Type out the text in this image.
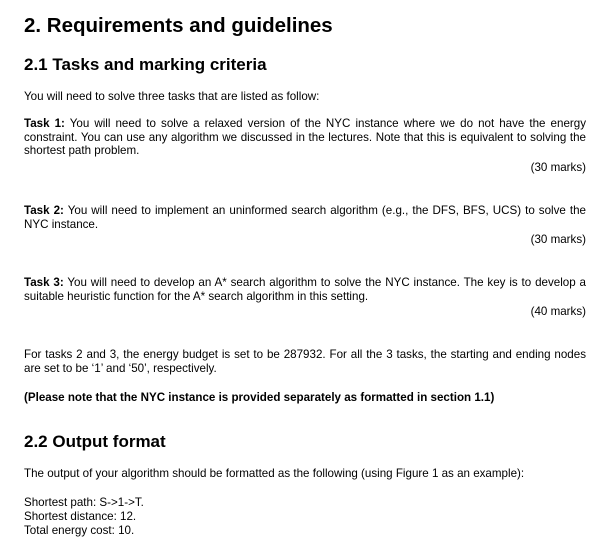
2. Requirements and guidelines
2.1 Tasks and marking criteria
You will need to solve three tasks that are listed as follow:
Task 1: You will need to solve a relaxed version of the NYC instance where we do not have the energy constraint. You can use any algorithm we discussed in the lectures. Note that this is equivalent to solving the shortest path problem.
(30 marks)
Task 2: You will need to implement an uninformed search algorithm (e.g., the DFS, BFS, UCS) to solve the NYC instance.
(30 marks)
Task 3: You will need to develop an A* search algorithm to solve the NYC instance. The key is to develop a suitable heuristic function for the A* search algorithm in this setting.
(40 marks)
For tasks 2 and 3, the energy budget is set to be 287932. For all the 3 tasks, the starting and ending nodes are set to be ‘1’ and ‘50’, respectively.
(Please note that the NYC instance is provided separately as formatted in section 1.1)
2.2 Output format
The output of your algorithm should be formatted as the following (using Figure 1 as an example):
Shortest path: S->1->T.
Shortest distance: 12.
Total energy cost: 10.
